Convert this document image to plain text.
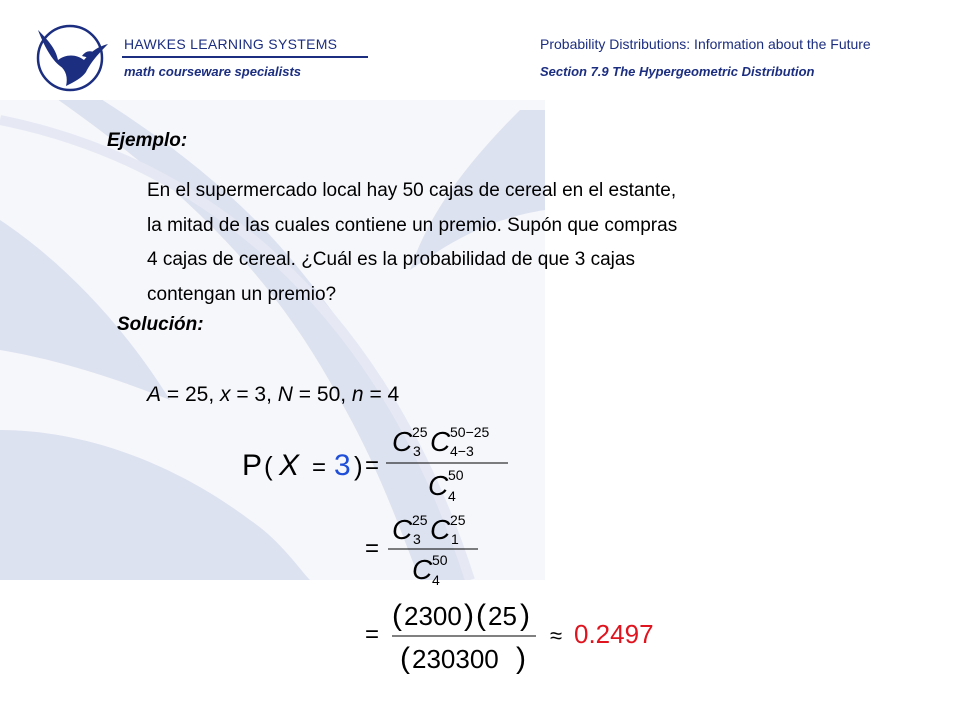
HAWKES LEARNING SYSTEMS
math courseware specialists
Probability Distributions: Information about the Future
Section 7.9 The Hypergeometric Distribution
Ejemplo:

En el supermercado local hay 50 cajas de cereal en el estante,
la mitad de las cuales contiene un premio. Supón que compras
4 cajas de cereal. ¿Cuál es la probabilidad de que 3 cajas
contengan un premio?

Solución:
A = 25, x = 3, N = 50, n = 4
P ( X = 3 ) =
C 25
3 C 50−25
4−3
C 50
4
=
C 25
3 C 25
1
C 50
4
=
( 2300 ) ( 25 )
( 230300 )
≈ 0.2497
